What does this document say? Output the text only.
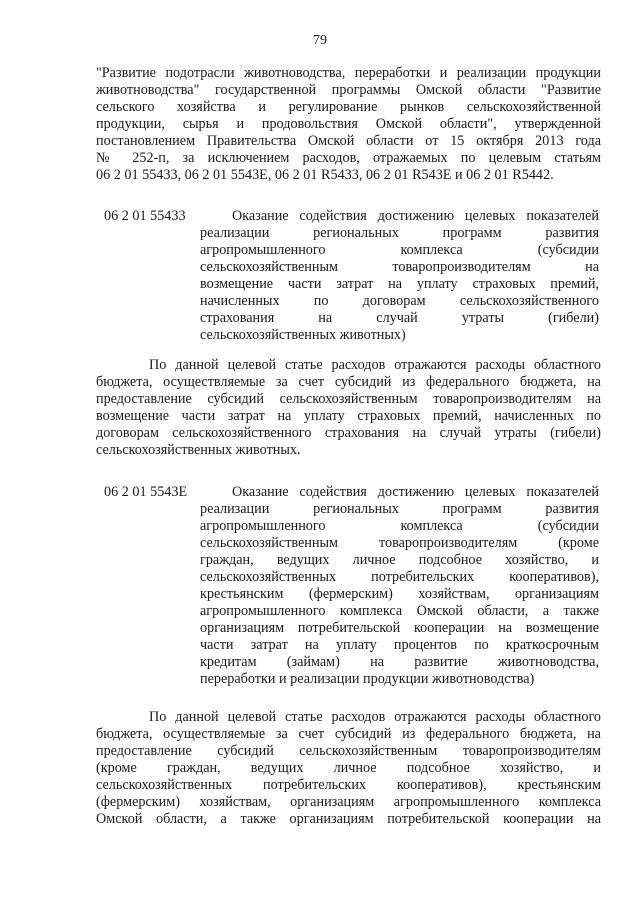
79
"Развитие подотрасли животноводства, переработки и реализации продукции
животноводства" государственной программы Омской области "Развитие
сельского хозяйства и регулирование рынков сельскохозяйственной
продукции, сырья и продовольствия Омской области", утвержденной
постановлением Правительства Омской области от 15 октября 2013 года
№ 252-п, за исключением расходов, отражаемых по целевым статьям
06 2 01 55433, 06 2 01 5543E, 06 2 01 R5433, 06 2 01 R543E и 06 2 01 R5442.
06 2 01 55433	Оказание содействия достижению целевых показателей
реализации региональных программ развития
агропромышленного комплекса (субсидии
сельскохозяйственным товаропроизводителям на
возмещение части затрат на уплату страховых премий,
начисленных по договорам сельскохозяйственного
страхования на случай утраты (гибели)
сельскохозяйственных животных)
По данной целевой статье расходов отражаются расходы областного
бюджета, осуществляемые за счет субсидий из федерального бюджета, на
предоставление субсидий сельскохозяйственным товаропроизводителям на
возмещение части затрат на уплату страховых премий, начисленных по
договорам сельскохозяйственного страхования на случай утраты (гибели)
сельскохозяйственных животных.
06 2 01 5543E	Оказание содействия достижению целевых показателей
реализации региональных программ развития
агропромышленного комплекса (субсидии
сельскохозяйственным товаропроизводителям (кроме
граждан, ведущих личное подсобное хозяйство, и
сельскохозяйственных потребительских кооперативов),
крестьянским (фермерским) хозяйствам, организациям
агропромышленного комплекса Омской области, а также
организациям потребительской кооперации на возмещение
части затрат на уплату процентов по краткосрочным
кредитам (займам) на развитие животноводства,
переработки и реализации продукции животноводства)
По данной целевой статье расходов отражаются расходы областного
бюджета, осуществляемые за счет субсидий из федерального бюджета, на
предоставление субсидий сельскохозяйственным товаропроизводителям
(кроме граждан, ведущих личное подсобное хозяйство, и
сельскохозяйственных потребительских кооперативов), крестьянским
(фермерским) хозяйствам, организациям агропромышленного комплекса
Омской области, а также организациям потребительской кооперации на
